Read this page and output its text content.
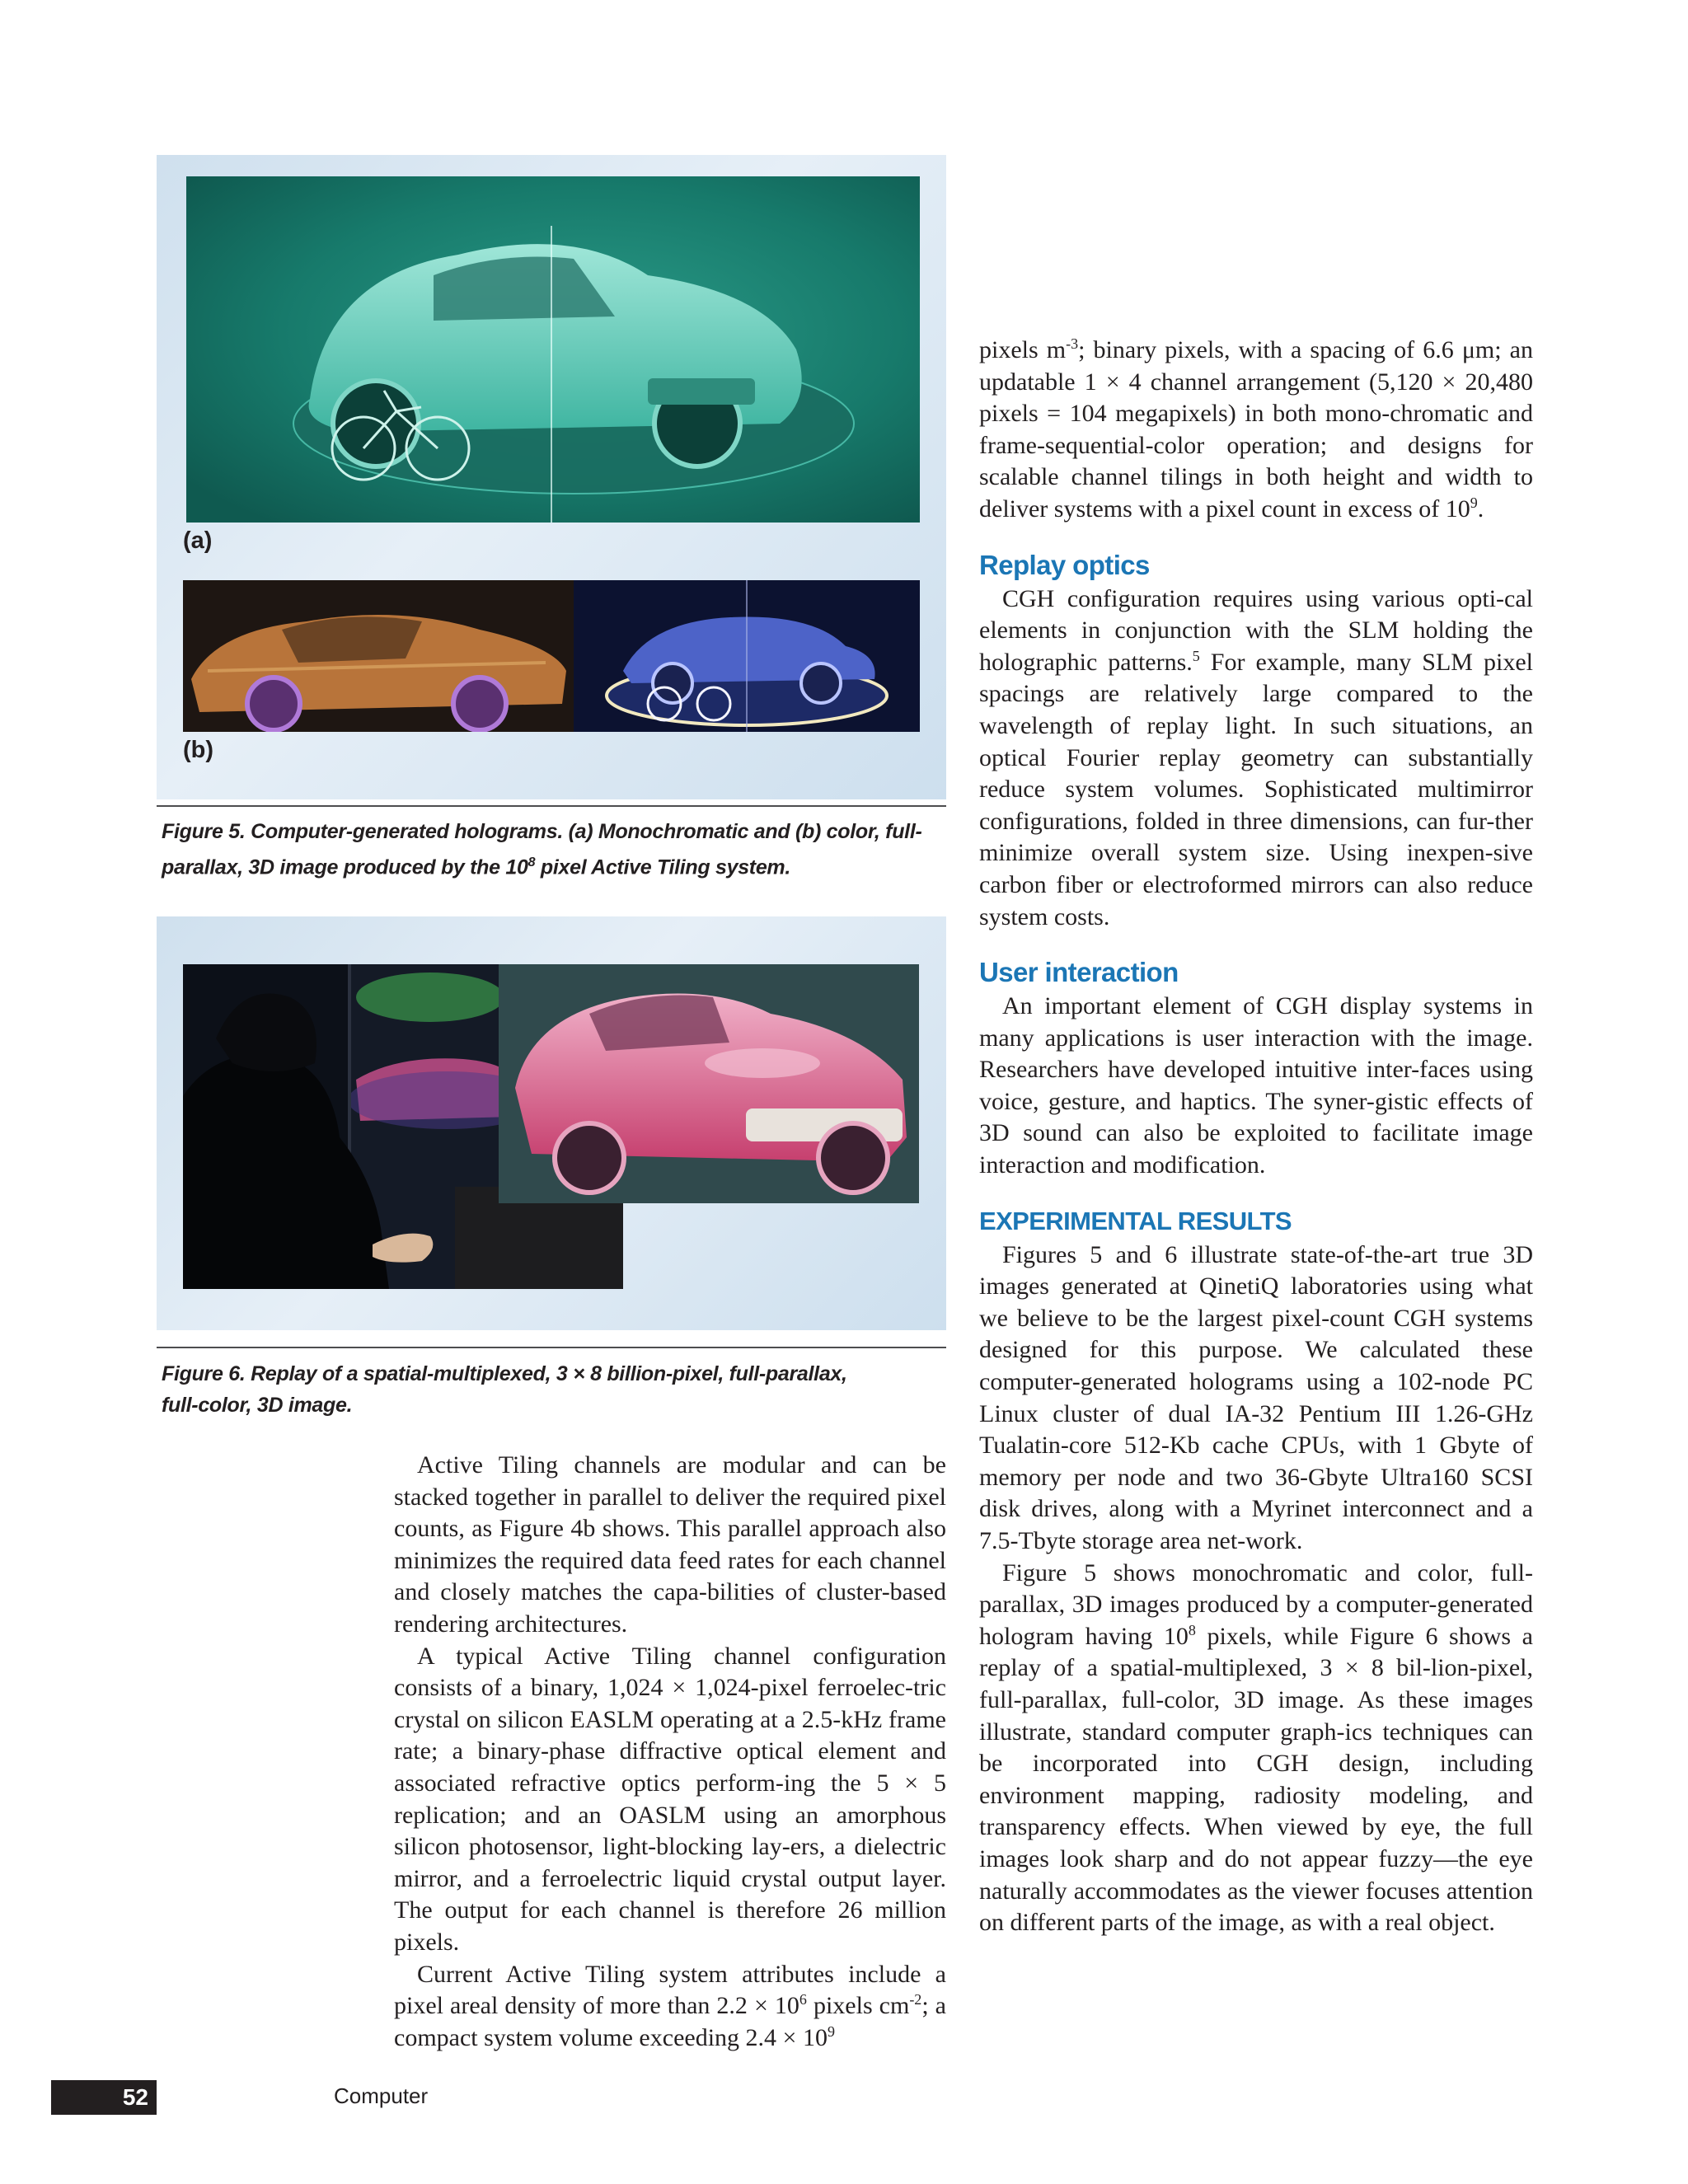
(a)
(b)
Figure 5. Computer-generated holograms. (a) Monochromatic and (b) color, full-
parallax, 3D image produced by the $10^8$ pixel Active Tiling system.
Figure 6. Replay of a spatial-multiplexed, 3 × 8 billion-pixel, full-parallax,
full-color, 3D image.

Active Tiling channels are modular and can be stacked together in parallel to deliver the required pixel counts, as Figure 4b shows. This parallel approach also minimizes the required data feed rates for each channel and closely matches the capa-bilities of cluster-based rendering architectures.

A typical Active Tiling channel configuration consists of a binary, 1,024 × 1,024-pixel ferroelec-tric crystal on silicon EASLM operating at a 2.5-kHz frame rate; a binary-phase diffractive optical element and associated refractive optics perform-ing the 5 × 5 replication; and an OASLM using an amorphous silicon photosensor, light-blocking lay-ers, a dielectric mirror, and a ferroelectric liquid crystal output layer. The output for each channel is therefore 26 million pixels.

Current Active Tiling system attributes include a pixel areal density of more than $2.2 \times 10^6$ pixels $cm^{-2}$; a compact system volume exceeding $2.4 \times 10^9$

pixels $m^{-3}$; binary pixels, with a spacing of 6.6 μm; an updatable 1 × 4 channel arrangement (5,120 × 20,480 pixels = 104 megapixels) in both mono-chromatic and frame-sequential-color operation; and designs for scalable channel tilings in both height and width to deliver systems with a pixel count in excess of $10^9$.

Replay optics

CGH configuration requires using various opti-cal elements in conjunction with the SLM holding the holographic patterns.$^5$ For example, many SLM pixel spacings are relatively large compared to the wavelength of replay light. In such situations, an optical Fourier replay geometry can substantially reduce system volumes. Sophisticated multimirror configurations, folded in three dimensions, can fur-ther minimize overall system size. Using inexpen-sive carbon fiber or electroformed mirrors can also reduce system costs.

User interaction

An important element of CGH display systems in many applications is user interaction with the image. Researchers have developed intuitive inter-faces using voice, gesture, and haptics. The syner-gistic effects of 3D sound can also be exploited to facilitate image interaction and modification.

EXPERIMENTAL RESULTS

Figures 5 and 6 illustrate state-of-the-art true 3D images generated at QinetiQ laboratories using what we believe to be the largest pixel-count CGH systems designed for this purpose. We calculated these computer-generated holograms using a 102-node PC Linux cluster of dual IA-32 Pentium III 1.26-GHz Tualatin-core 512-Kb cache CPUs, with 1 Gbyte of memory per node and two 36-Gbyte Ultra160 SCSI disk drives, along with a Myrinet interconnect and a 7.5-Tbyte storage area net-work.

Figure 5 shows monochromatic and color, full-parallax, 3D images produced by a computer-generated hologram having $10^8$ pixels, while Figure 6 shows a replay of a spatial-multiplexed, 3 × 8 bil-lion-pixel, full-parallax, full-color, 3D image. As these images illustrate, standard computer graph-ics techniques can be incorporated into CGH design, including environment mapping, radiosity modeling, and transparency effects. When viewed by eye, the full images look sharp and do not appear fuzzy—the eye naturally accommodates as the viewer focuses attention on different parts of the image, as with a real object.

52	Computer
